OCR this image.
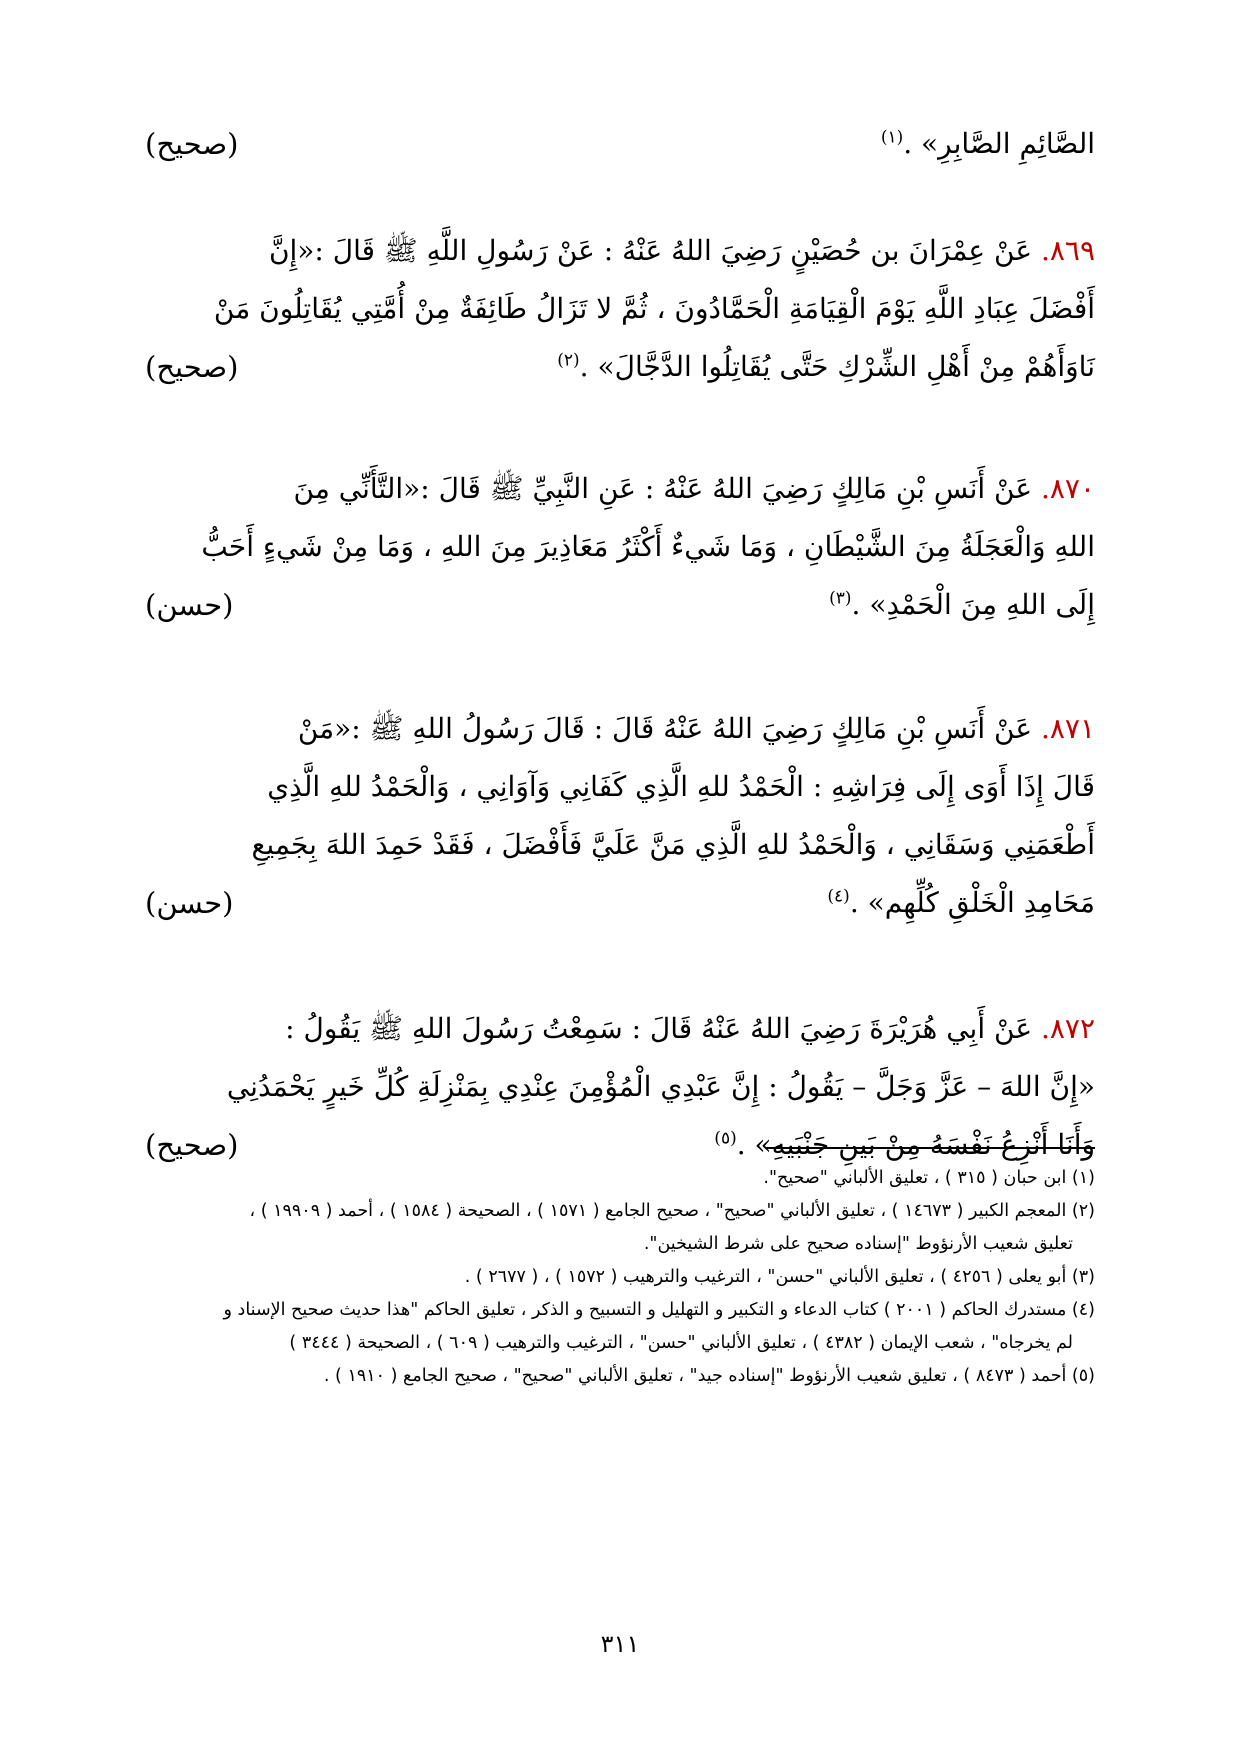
الصَّائِمِ الصَّابِرِ» .$^{(١)}$
(صحيح)
٨٦٩. عَنْ عِمْرَانَ بن حُصَيْنٍ رَضِيَ اللهُ عَنْهُ : عَنْ رَسُولِ اللَّهِ ﷺ قَالَ :«إِنَّ
أَفْضَلَ عِبَادِ اللَّهِ يَوْمَ الْقِيَامَةِ الْحَمَّادُونَ ، ثُمَّ لا تَزَالُ طَائِفَةٌ مِنْ أُمَّتِي يُقَاتِلُونَ مَنْ
نَاوَأَهُمْ مِنْ أَهْلِ الشِّرْكِ حَتَّى يُقَاتِلُوا الدَّجَّالَ» .$^{(٢)}$
(صحيح)
٨٧٠. عَنْ أَنَسِ بْنِ مَالِكٍ رَضِيَ اللهُ عَنْهُ : عَنِ النَّبِيِّ ﷺ قَالَ :«التَّأَنِّي مِنَ
اللهِ وَالْعَجَلَةُ مِنَ الشَّيْطَانِ ، وَمَا شَيءٌ أَكْثَرُ مَعَاذِيرَ مِنَ اللهِ ، وَمَا مِنْ شَيءٍ أَحَبُّ
إِلَى اللهِ مِنَ الْحَمْدِ» .$^{(٣)}$
(حسن)
٨٧١. عَنْ أَنَسِ بْنِ مَالِكٍ رَضِيَ اللهُ عَنْهُ قَالَ : قَالَ رَسُولُ اللهِ ﷺ :«مَنْ
قَالَ إِذَا أَوَى إِلَى فِرَاشِهِ : الْحَمْدُ للهِ الَّذِي كَفَانِي وَآوَانِي ، وَالْحَمْدُ للهِ الَّذِي
أَطْعَمَنِي وَسَقَانِي ، وَالْحَمْدُ للهِ الَّذِي مَنَّ عَلَيَّ فَأَفْضَلَ ، فَقَدْ حَمِدَ اللهَ بِجَمِيعِ
مَحَامِدِ الْخَلْقِ كُلِّهِم» .$^{(٤)}$
(حسن)
٨٧٢. عَنْ أَبِي هُرَيْرَةَ رَضِيَ اللهُ عَنْهُ قَالَ : سَمِعْتُ رَسُولَ اللهِ ﷺ يَقُولُ :
«إِنَّ اللهَ – عَزَّ وَجَلَّ – يَقُولُ : إِنَّ عَبْدِي الْمُؤْمِنَ عِنْدِي بِمَنْزِلَةِ كُلِّ خَيرٍ يَحْمَدُنِي
وَأَنَا أَنْزِعُ نَفْسَهُ مِنْ بَينِ جَنْبَيهِ» .$^{(٥)}$
(صحيح)
(١) ابن حبان ( ٣١٥ ) ، تعليق الألباني "صحيح".
(٢) المعجم الكبير ( ١٤٦٧٣ ) ، تعليق الألباني "صحيح" ، صحيح الجامع ( ١٥٧١ ) ، الصحيحة ( ١٥٨٤ ) ، أحمد ( ١٩٩٠٩ ) ،
تعليق شعيب الأرنؤوط "إسناده صحيح على شرط الشيخين".
(٣) أبو يعلى ( ٤٢٥٦ ) ، تعليق الألباني "حسن" ، الترغيب والترهيب ( ١٥٧٢ ) ، ( ٢٦٧٧ ) .
(٤) مستدرك الحاكم ( ٢٠٠١ ) كتاب الدعاء و التكبير و التهليل و التسبيح و الذكر ، تعليق الحاكم "هذا حديث صحيح الإسناد و
لم يخرجاه" ، شعب الإيمان ( ٤٣٨٢ ) ، تعليق الألباني "حسن" ، الترغيب والترهيب ( ٦٠٩ ) ، الصحيحة ( ٣٤٤٤ )
(٥) أحمد ( ٨٤٧٣ ) ، تعليق شعيب الأرنؤوط "إسناده جيد" ، تعليق الألباني "صحيح" ، صحيح الجامع ( ١٩١٠ ) .
٣١١
